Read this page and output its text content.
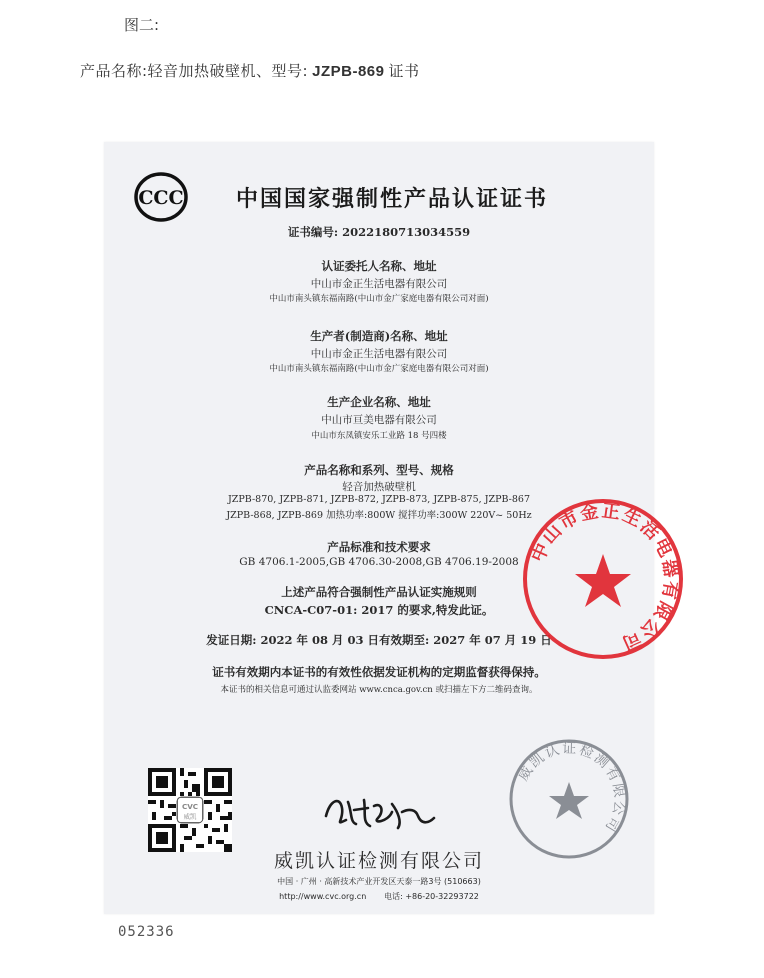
图二:
产品名称:轻音加热破壁机、型号: JZPB-869 证书
CCC 中国国家强制性产品认证证书
证书编号: 2022180713034559
认证委托人名称、地址
中山市金正生活电器有限公司
中山市南头镇东福南路(中山市金广家庭电器有限公司对面)
生产者(制造商)名称、地址
中山市金正生活电器有限公司
中山市南头镇东福南路(中山市金广家庭电器有限公司对面)
生产企业名称、地址
中山市亘美电器有限公司
中山市东凤镇安乐工业路 18 号四楼
产品名称和系列、型号、规格
轻音加热破壁机
JZPB-870, JZPB-871, JZPB-872, JZPB-873, JZPB-875, JZPB-867
JZPB-868, JZPB-869 加热功率:800W 搅拌功率:300W 220V~ 50Hz
产品标准和技术要求
GB 4706.1-2005,GB 4706.30-2008,GB 4706.19-2008
上述产品符合强制性产品认证实施规则
CNCA-C07-01: 2017 的要求,特发此证。
发证日期: 2022 年 08 月 03 日有效期至: 2027 年 07 月 19 日
证书有效期内本证书的有效性依据发证机构的定期监督获得保持。
本证书的相关信息可通过认监委网站 www.cnca.gov.cn 或扫描左下方二维码查询。
中山市金正生活电器有限公司
CVC
威凯
威凯认证检测有限公司
威凯认证检测有限公司
中国 · 广州 · 高新技术产业开发区天泰一路3号 (510663)
http://www.cvc.org.cn 电话: +86-20-32293722
052336
